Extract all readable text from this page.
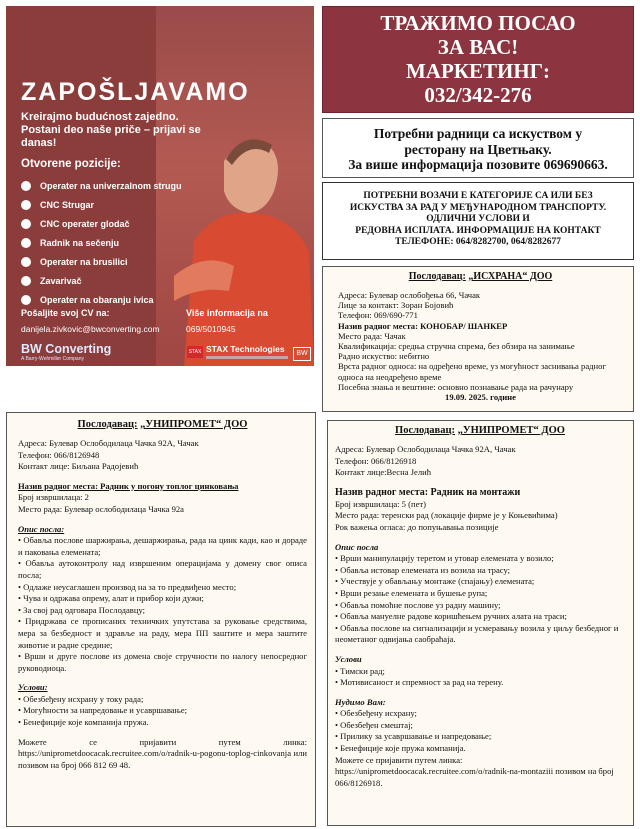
ZAPOŠLJAVAMO
Kreirajmo budućnost zajedno. Postani deo naše priče – prijavi se danas!
Otvorene pozicije:
Operater na univerzalnom strugu
CNC Strugar
CNC operater glodač
Radnik na sečenju
Operater na brusilici
Zavarivač
Operater na obaranju ivica
Pošaljite svoj CV na:
danijela.zivkovic@bwconverting.com
Više informacija na
069/5010945
BW Converting
A Barry-Wehmiller Company
STAX STAX Technologies	BW
ТРАЖИМО ПОСАО
ЗА ВАС!
МАРКЕТИНГ:
032/342-276

Потребни радници са искуством у

ресторану на Цветњаку.

За више информација позовите 069690663.

ПОТРЕБНИ ВОЗАЧИ Е КАТЕГОРИЈЕ СА ИЛИ БЕЗ

ИСКУСТВА ЗА РАД У МЕЂУНАРОДНОМ ТРАНСПОРТУ.

ОДЛИЧНИ УСЛОВИ И

РЕДОВНА ИСПЛАТА. ИНФОРМАЦИЈЕ НА КОНТАКТ

ТЕЛЕФОНЕ: 064/8282700, 064/8282677

Послодавац: „ИСХРАНА“ ДОО

Адреса: Булевар ослобођења 66, Чачак

Лице за контакт: Зоран Бојовић

Телефон: 069/690-771

Назив радног места: КОНОБАР/ ШАНКЕР

Место рада: Чачак

Квалификација: средња стручна спрема, без обзира на занимање

Радно искуство: небитно

Врста радног односа: на одређено време, уз могућност заснивања радног односа на неодређено време

Посебна знања и вештине: основно познавање рада на рачунару

19.09. 2025. године

Послодавац: „УНИПРОМЕТ“ ДОО

Адреса: Булевар Ослободилаца Чачка 92А, Чачак

Телефон: 066/8126948

Контакт лице: Биљана Радојевић

Назив радног места: Радник у погону топлог цинковања

Број извршилаца: 2

Место рада: Булевар ослободилаца Чачка 92а

Опис посла:

• Обавља послове шаржирања, дешаржирања, рада на цинк кади, као и дораде и паковања елемената;
• Обавља аутоконтролу над извршеним операцијама у домену свог описа посла;
• Одлаже неусаглашен производ на за то предвиђено место;
• Чува и одржава опрему, алат и прибор који дужи;
• За свој рад одговара Послодавцу;
• Придржава се прописаних техничких упутстава за руковање средствима, мера за безбедност и здравље на раду, мера ПП заштите и мера заштите животне и радне средине;
• Врши и друге послове из домена своје стручности по налогу непосредног руководиоца.

Услови:

• Обезбеђену исхрану у току рада;
• Могућности за напредовање и усавршавање;
• Бенефиције које компанија пружа.

Можете се пријавити путем линка: https://uniprometdoocacak.recruitee.com/o/radnik-u-pogonu-toplog-cinkovanja или позивом на број 066 812 69 48.

Послодавац: „УНИПРОМЕТ“ ДОО

Адреса: Булевар Ослободилаца Чачка 92А, Чачак

Телефон: 066/8126918

Контакт лице:Весна Јелић

Назив радног места: Радник на монтажи

Број извршилаца: 5 (пет)

Место рада: теренски рад (локације фирме је у Коњевићима)

Рок важења огласа: до попуњавања позиције

Опис посла

• Врши манипулацију теретом и утовар елемената у возило;
• Обавља истовар елемената из возила на трасу;
• Учествује у обављању монтаже (спајању) елемената;
• Врши резање елемената и бушење рупа;
• Обавља помоћне послове уз радну машину;
• Обавља мануелне радове коришћењем ручних алата на траси;
• Обавља послове на сигнализацији и усмеравању возила у циљу безбедног и неометаног одвијања саобраћаја.

Услови

• Тимски рад;
• Мотивисаност и спремност за рад на терену.

Нудимо Вам:

• Обезбеђену исхрану;
• Обезбеђен смештај;
• Прилику за усавршавање и напредовање;
• Бенефиције које пружа компанија.

Можете се пријавити путем линка:

https://uniprometdoocacak.recruitee.com/o/radnik-na-montaziii позивом на број 066/8126918.
